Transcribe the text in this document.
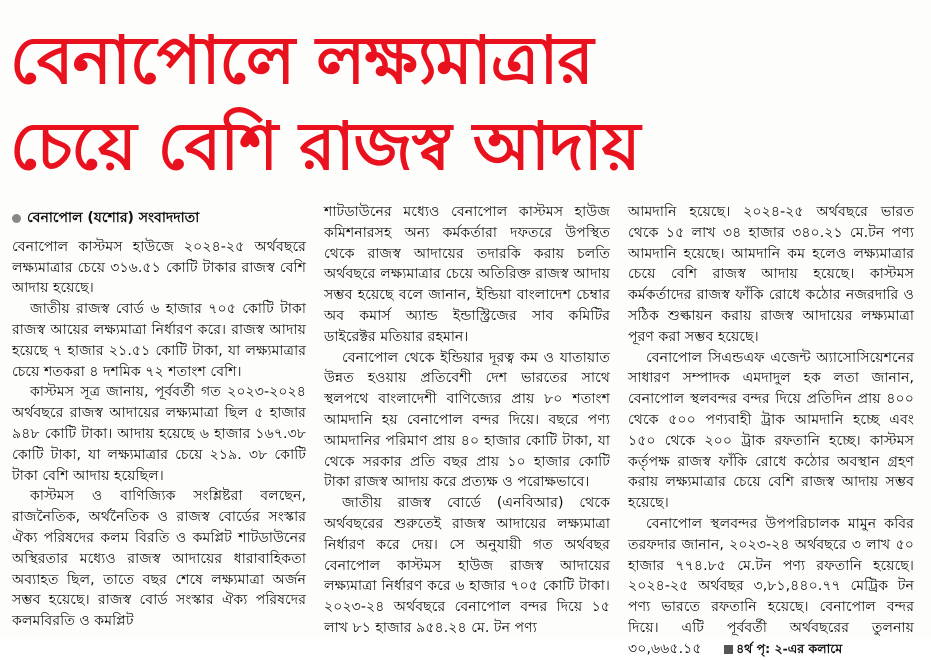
বেনাপোলে লক্ষ্যমাত্রার
চেয়ে বেশি রাজস্ব আদায়
বেনাপোল (যশোর) সংবাদদাতা

বেনাপোল কাস্টমস হাউজে ২০২৪-২৫ অর্থবছরে লক্ষ্যমাত্রার চেয়ে ৩১৬.৫১ কোটি টাকার রাজস্ব বেশি আদায় হয়েছে।

জাতীয় রাজস্ব বোর্ড ৬ হাজার ৭০৫ কোটি টাকা রাজস্ব আয়ের লক্ষ্যমাত্রা নির্ধারণ করে। রাজস্ব আদায় হয়েছে ৭ হাজার ২১.৫১ কোটি টাকা, যা লক্ষ্যমাত্রার চেয়ে শতকরা ৪ দশমিক ৭২ শতাংশ বেশি।

কাস্টমস সূত্র জানায়, পূর্ববর্তী গত ২০২৩-২০২৪ অর্থবছরে রাজস্ব আদায়ের লক্ষ্যমাত্রা ছিল ৫ হাজার ৯৪৮ কোটি টাকা। আদায় হয়েছে ৬ হাজার ১৬৭.৩৮ কোটি টাকা, যা লক্ষ্যমাত্রার চেয়ে ২১৯. ৩৮ কোটি টাকা বেশি আদায় হয়েছিল।

কাস্টমস ও বাণিজ্যিক সংশ্লিষ্টরা বলছেন, রাজনৈতিক, অর্থনৈতিক ও রাজস্ব বোর্ডের সংস্কার ঐক্য পরিষদের কলম বিরতি ও কমপ্লিট শাটডাউনের অস্থিরতার মধ্যেও রাজস্ব আদায়ের ধারাবাহিকতা অব্যাহত ছিল, তাতে বছর শেষে লক্ষ্যমাত্রা অর্জন সম্ভব হয়েছে। রাজস্ব বোর্ড সংস্কার ঐক্য পরিষদের কলমবিরতি ও কমপ্লিট

শাটডাউনের মধ্যেও বেনাপোল কাস্টমস হাউজ কমিশনারসহ অন্য কর্মকর্তারা দফতরে উপস্থিত থেকে রাজস্ব আদায়ের তদারকি করায় চলতি অর্থবছরে লক্ষ্যমাত্রার চেয়ে অতিরিক্ত রাজস্ব আদায় সম্ভব হয়েছে বলে জানান, ইন্ডিয়া বাংলাদেশ চেম্বার অব কমার্স অ্যান্ড ইন্ডাস্ট্রিজের সাব কমিটির ডাইরেক্টর মতিয়ার রহমান।

বেনাপোল থেকে ইন্ডিয়ার দূরত্ব কম ও যাতায়াত উন্নত হওয়ায় প্রতিবেশী দেশ ভারতের সাথে স্থলপথে বাংলাদেশী বাণিজ্যের প্রায় ৮০ শতাংশ আমদানি হয় বেনাপোল বন্দর দিয়ে। বছরে পণ্য আমদানির পরিমাণ প্রায় ৪০ হাজার কোটি টাকা, যা থেকে সরকার প্রতি বছর প্রায় ১০ হাজার কোটি টাকা রাজস্ব আদায় করে প্রত্যক্ষ ও পরোক্ষভাবে।

জাতীয় রাজস্ব বোর্ডে (এনবিআর) থেকে অর্থবছরের শুরুতেই রাজস্ব আদায়ের লক্ষ্যমাত্রা নির্ধারণ করে দেয়। সে অনুযায়ী গত অর্থবছর বেনাপোল কাস্টমস হাউজ রাজস্ব আদায়ের লক্ষ্যমাত্রা নির্ধারণ করে ৬ হাজার ৭০৫ কোটি টাকা। ২০২৩-২৪ অর্থবছরে বেনাপোল বন্দর দিয়ে ১৫ লাখ ৮১ হাজার ৯৫৪.২৪ মে. টন পণ্য

আমদানি হয়েছে। ২০২৪-২৫ অর্থবছরে ভারত থেকে ১৫ লাখ ৩৪ হাজার ৩৪০.২১ মে.টন পণ্য আমদানি হয়েছে। আমদানি কম হলেও লক্ষ্যমাত্রার চেয়ে বেশি রাজস্ব আদায় হয়েছে। কাস্টমস কর্মকর্তাদের রাজস্ব ফাঁকি রোধে কঠোর নজরদারি ও সঠিক শুল্কায়ন করায় রাজস্ব আদায়ের লক্ষ্যমাত্রা পূরণ করা সম্ভব হয়েছে।

বেনাপোল সিএন্ডএফ এজেন্ট অ্যাসোসিয়েশনের সাধারণ সম্পাদক এমদাদুল হক লতা জানান, বেনাপোল স্থলবন্দর বন্দর দিয়ে প্রতিদিন প্রায় ৪০০ থেকে ৫০০ পণ্যবাহী ট্রাক আমদানি হচ্ছে এবং ১৫০ থেকে ২০০ ট্রাক রফতানি হচ্ছে। কাস্টমস কর্তৃপক্ষ রাজস্ব ফাঁকি রোধে কঠোর অবস্থান গ্রহণ করায় লক্ষ্যমাত্রার চেয়ে বেশি রাজস্ব আদায় সম্ভব হয়েছে।

বেনাপোল স্থলবন্দর উপপরিচালক মামুন কবির তরফদার জানান, ২০২৩-২৪ অর্থবছরে ৩ লাখ ৫০ হাজার ৭৭৪.৮৫ মে.টন পণ্য রফতানি হয়েছে। ২০২৪-২৫ অর্থবছর ৩,৮১,৪৪০.৭৭ মেট্রিক টন পণ্য ভারতে রফতানি হয়েছে। বেনাপোল বন্দর দিয়ে। এটি পূর্ববর্তী অর্থবছরের তুলনায় ৩০,৬৬৫.১৫	৪র্থ পৃ: ২-এর কলামে
